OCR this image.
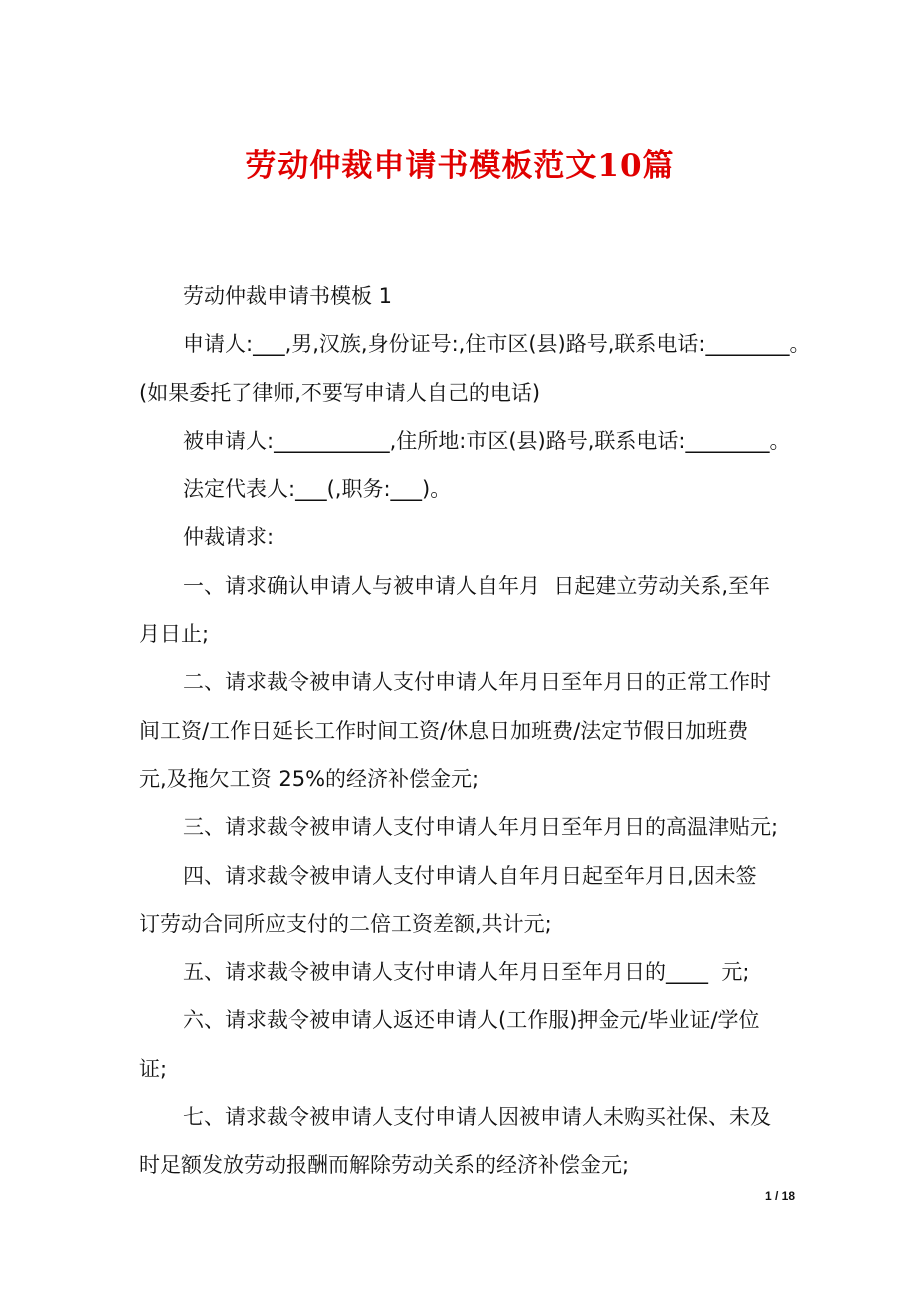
劳动仲裁申请书模板范文10篇

劳动仲裁申请书模板 1

申请人:___,男,汉族,身份证号:,住市区(县)路号,联系电话:________。

(如果委托了律师,不要写申请人自己的电话)

被申请人:___________,住所地:市区(县)路号,联系电话:________。

法定代表人:___(,职务:___)。

仲裁请求:

一、请求确认申请人与被申请人自年月  日起建立劳动关系,至年

月日止;

二、请求裁令被申请人支付申请人年月日至年月日的正常工作时

间工资/工作日延长工作时间工资/休息日加班费/法定节假日加班费

元,及拖欠工资 25%的经济补偿金元;

三、请求裁令被申请人支付申请人年月日至年月日的高温津贴元;

四、请求裁令被申请人支付申请人自年月日起至年月日,因未签

订劳动合同所应支付的二倍工资差额,共计元;

五、请求裁令被申请人支付申请人年月日至年月日的____  元;

六、请求裁令被申请人返还申请人(工作服)押金元/毕业证/学位

证;

七、请求裁令被申请人支付申请人因被申请人未购买社保、未及

时足额发放劳动报酬而解除劳动关系的经济补偿金元;

1 / 18
